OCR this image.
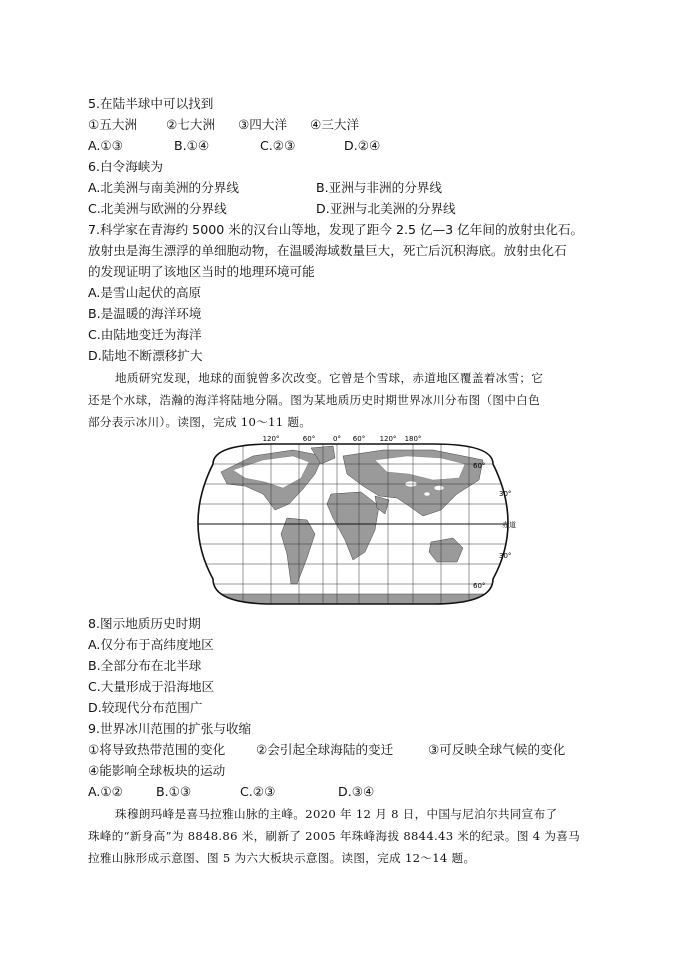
5.在陆半球中可以找到
①五大洲 ②七大洲 ③四大洋 ④三大洋
A.①③	B.①④	C.②③	D.②④
6.白令海峡为
A.北美洲与南美洲的分界线	B.亚洲与非洲的分界线
C.北美洲与欧洲的分界线	D.亚洲与北美洲的分界线
7.科学家在青海约 5000 米的汉台山等地，发现了距今 2.5 亿—3 亿年间的放射虫化石。
放射虫是海生漂浮的单细胞动物，在温暖海域数量巨大，死亡后沉积海底。放射虫化石
的发现证明了该地区当时的地理环境可能
A.是雪山起伏的高原
B.是温暖的海洋环境
C.由陆地变迁为海洋
D.陆地不断漂移扩大
地质研究发现，地球的面貌曾多次改变。它曾是个雪球，赤道地区覆盖着冰雪；它
还是个水球，浩瀚的海洋将陆地分隔。图为某地质历史时期世界冰川分布图（图中白色
部分表示冰川）。读图，完成 10～11 题。
120°	60°	0° 60° 120° 180°
60°
30°
赤道
30°
60°
8.图示地质历史时期
A.仅分布于高纬度地区
B.全部分布在北半球
C.大量形成于沿海地区
D.较现代分布范围广
9.世界冰川范围的扩张与收缩
①将导致热带范围的变化 ②会引起全球海陆的变迁	③可反映全球气候的变化
④能影响全球板块的运动
A.①②	B.①③	C.②③	D.③④
珠穆朗玛峰是喜马拉雅山脉的主峰。2020 年 12 月 8 日，中国与尼泊尔共同宣布了
珠峰的“新身高”为 8848.86 米，刷新了 2005 年珠峰海拔 8844.43 米的纪录。图 4 为喜马
拉雅山脉形成示意图、图 5 为六大板块示意图。读图，完成 12～14 题。
